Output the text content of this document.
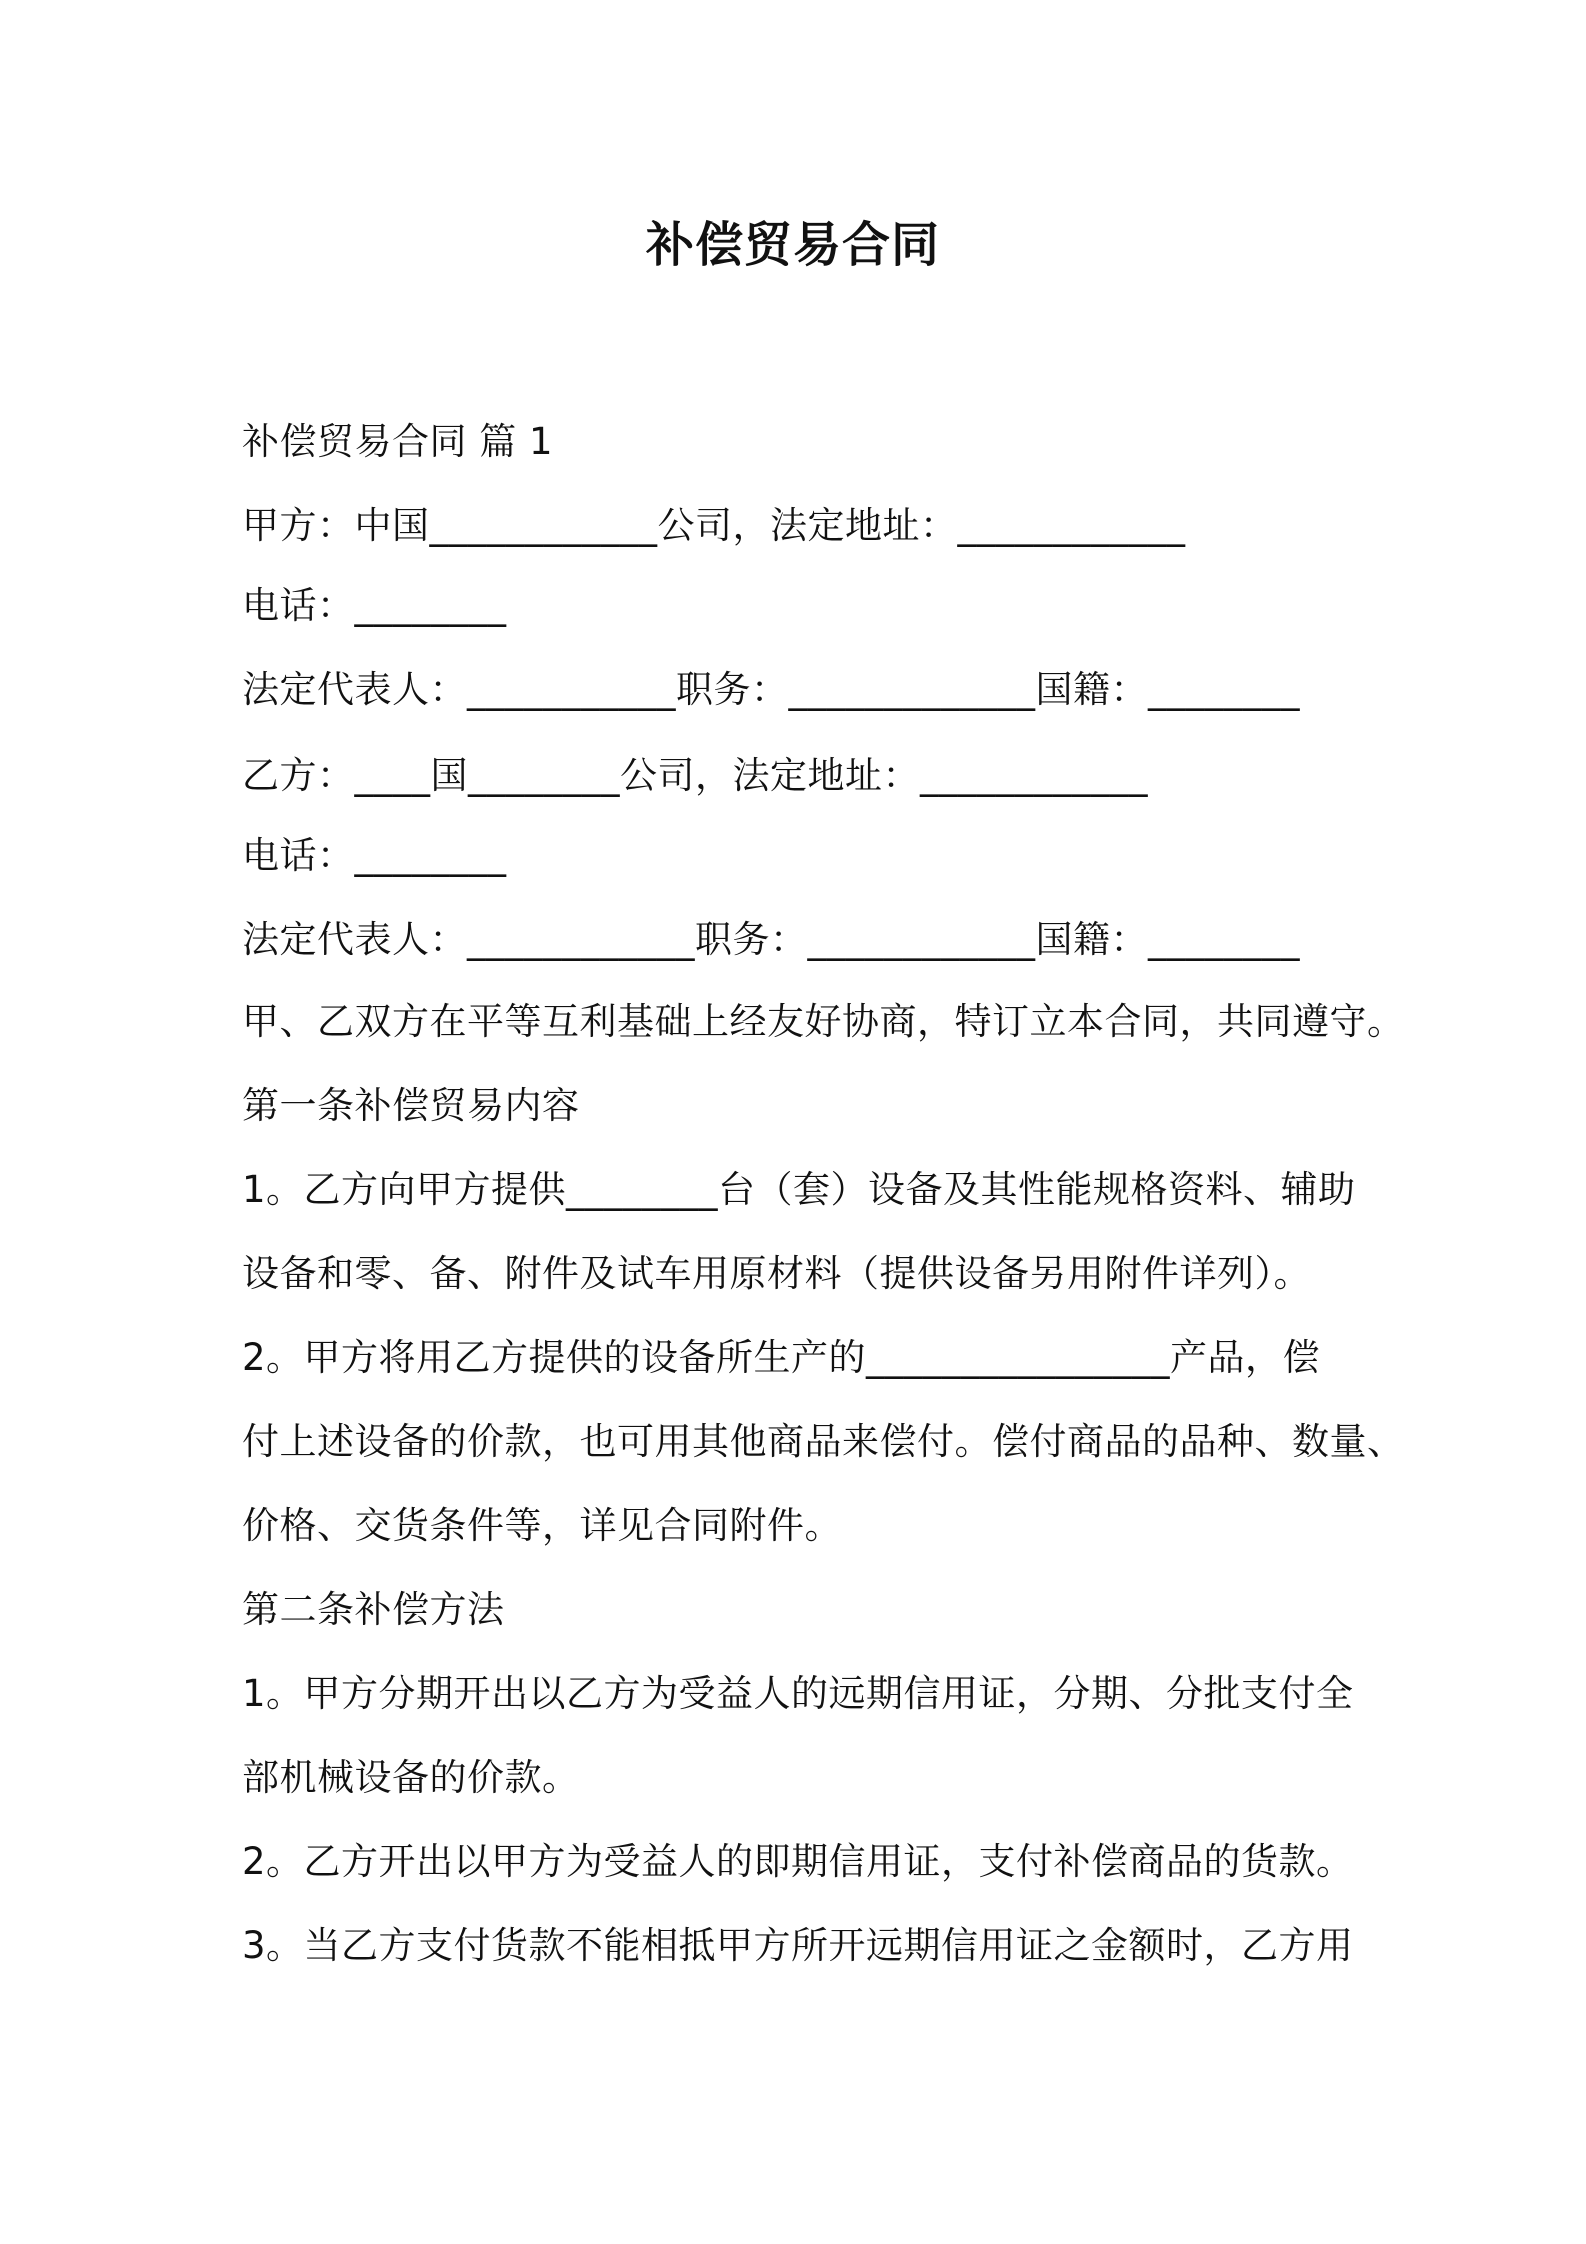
补偿贸易合同
补偿贸易合同 篇 1
甲方：中国____________公司，法定地址：____________
电话：________
法定代表人：___________职务：_____________国籍：________
乙方：____国________公司，法定地址：____________
电话：________
法定代表人：____________职务：____________国籍：________
甲、乙双方在平等互利基础上经友好协商，特订立本合同，共同遵守。
第一条补偿贸易内容
1。乙方向甲方提供________台（套）设备及其性能规格资料、辅助
设备和零、备、附件及试车用原材料（提供设备另用附件详列）。
2。甲方将用乙方提供的设备所生产的________________产品，偿
付上述设备的价款，也可用其他商品来偿付。偿付商品的品种、数量、
价格、交货条件等，详见合同附件。
第二条补偿方法
1。甲方分期开出以乙方为受益人的远期信用证，分期、分批支付全
部机械设备的价款。
2。乙方开出以甲方为受益人的即期信用证，支付补偿商品的货款。
3。当乙方支付货款不能相抵甲方所开远期信用证之金额时，乙方用
